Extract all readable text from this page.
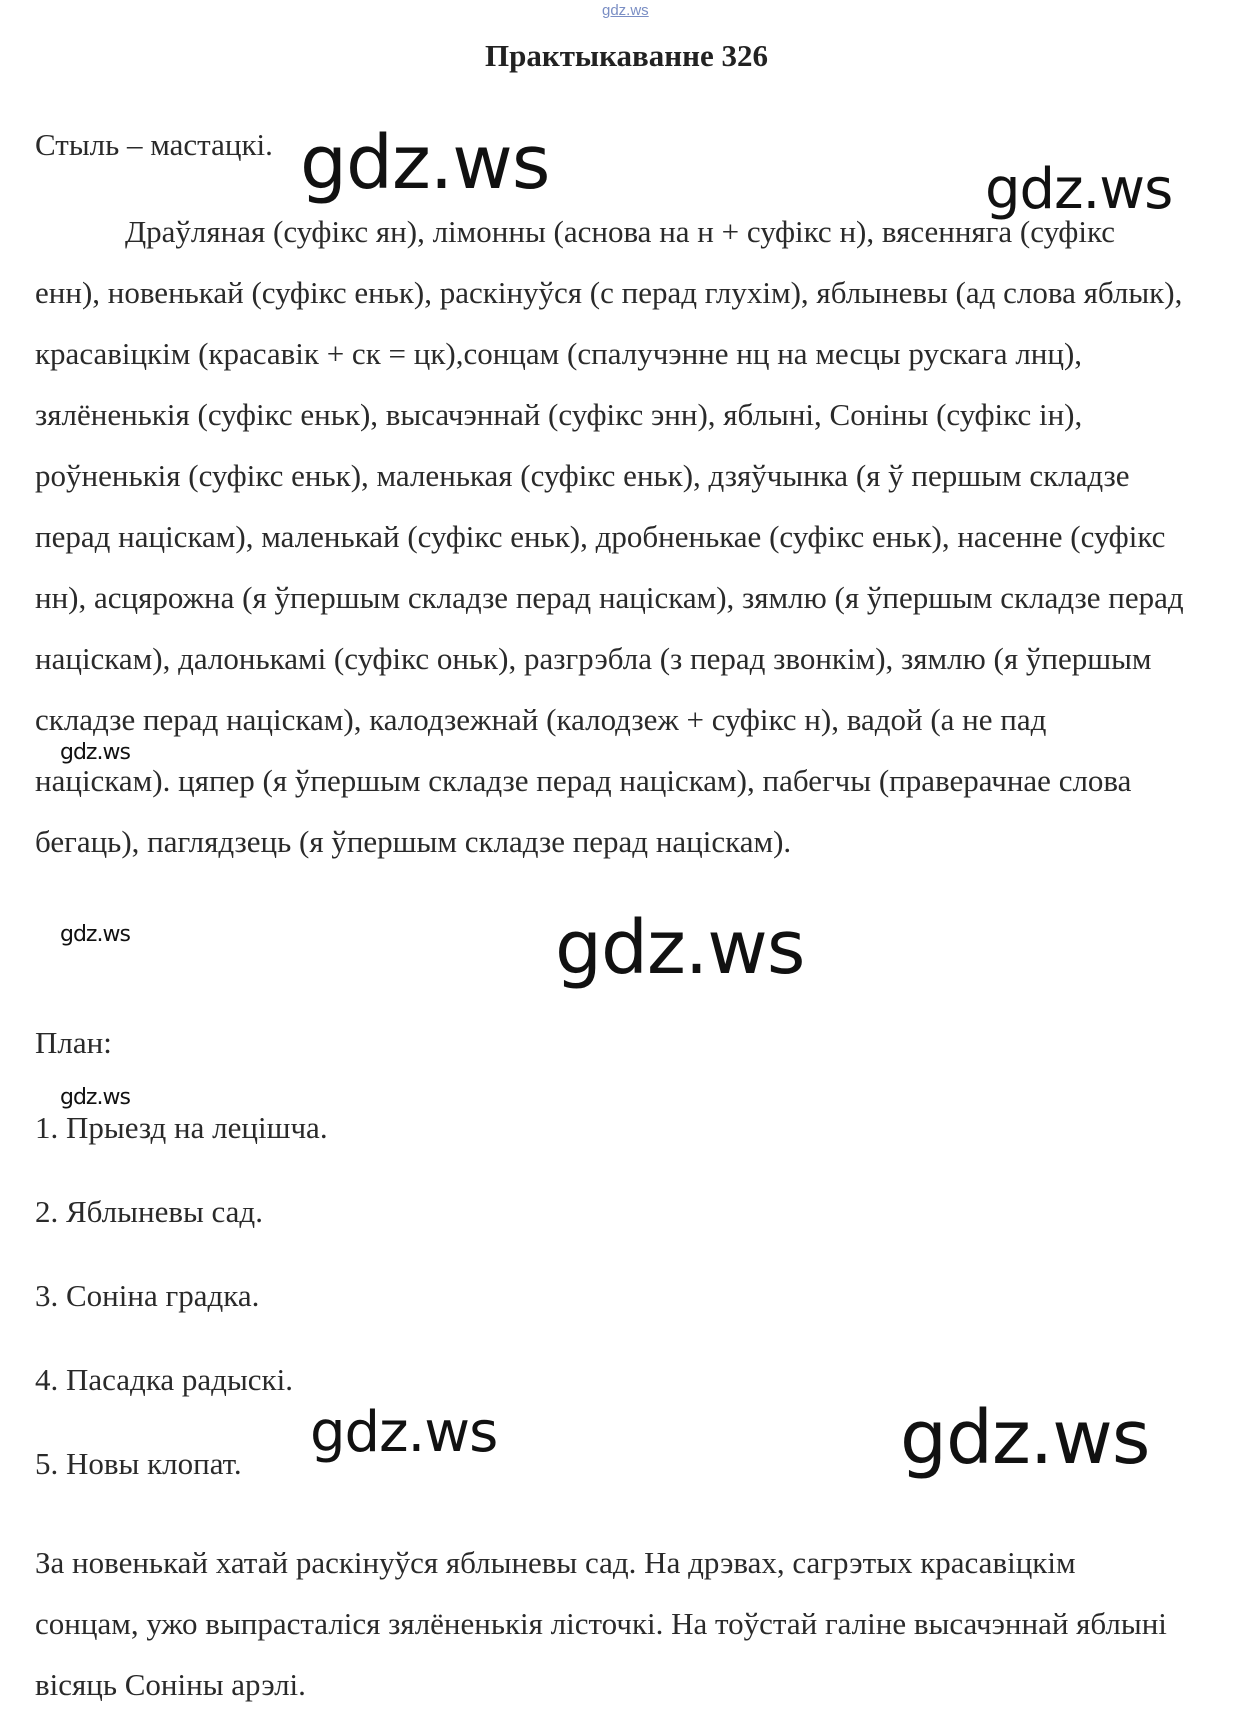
gdz.ws
Практыкаванне 326
Стыль – мастацкі.

Драўляная (суфікс ян), лімонны (аснова на н + суфікс н), вясенняга (суфікс енн), новенькай (суфікс еньк), раскінуўся (с перад глухім), яблыневы (ад слова яблык), красавіцкім (красавік + ск = цк),сонцам (спалучэнне нц на месцы рускага лнц), зялёненькія (суфікс еньк), высачэннай (суфікс энн), яблыні, Соніны (суфікс ін), роўненькія (суфікс еньк), маленькая (суфікс еньк), дзяўчынка (я ў першым складзе перад націскам), маленькай (суфікс еньк), дробненькае (суфікс еньк), насенне (суфікс нн), асцярожна (я ўпершым складзе перад націскам), зямлю (я ўпершым складзе перад націскам), далонькамі (суфікс оньк), разгрэбла (з перад звонкім), зямлю (я ўпершым складзе перад націскам), калодзежнай (калодзеж + суфікс н), вадой (а не пад націскам). цяпер (я ўпершым складзе перад націскам), пабегчы (праверачнае слова бегаць), паглядзець (я ўпершым складзе перад націскам).

План:
1. Прыезд на лецішча.
2. Яблыневы сад.
3. Соніна градка.
4. Пасадка радыскі.
5. Новы клопат.

За новенькай хатай раскінуўся яблыневы сад. На дрэвах, сагрэтых красавіцкім сонцам, ужо выпрасталіся зялёненькія лісточкі. На тоўстай галіне высачэннай яблыні вісяць Соніны арэлі.

gdz.ws	gdz.ws
gdz.ws
gdz.ws	gdz.ws
gdz.ws
gdz.ws	gdz.ws
